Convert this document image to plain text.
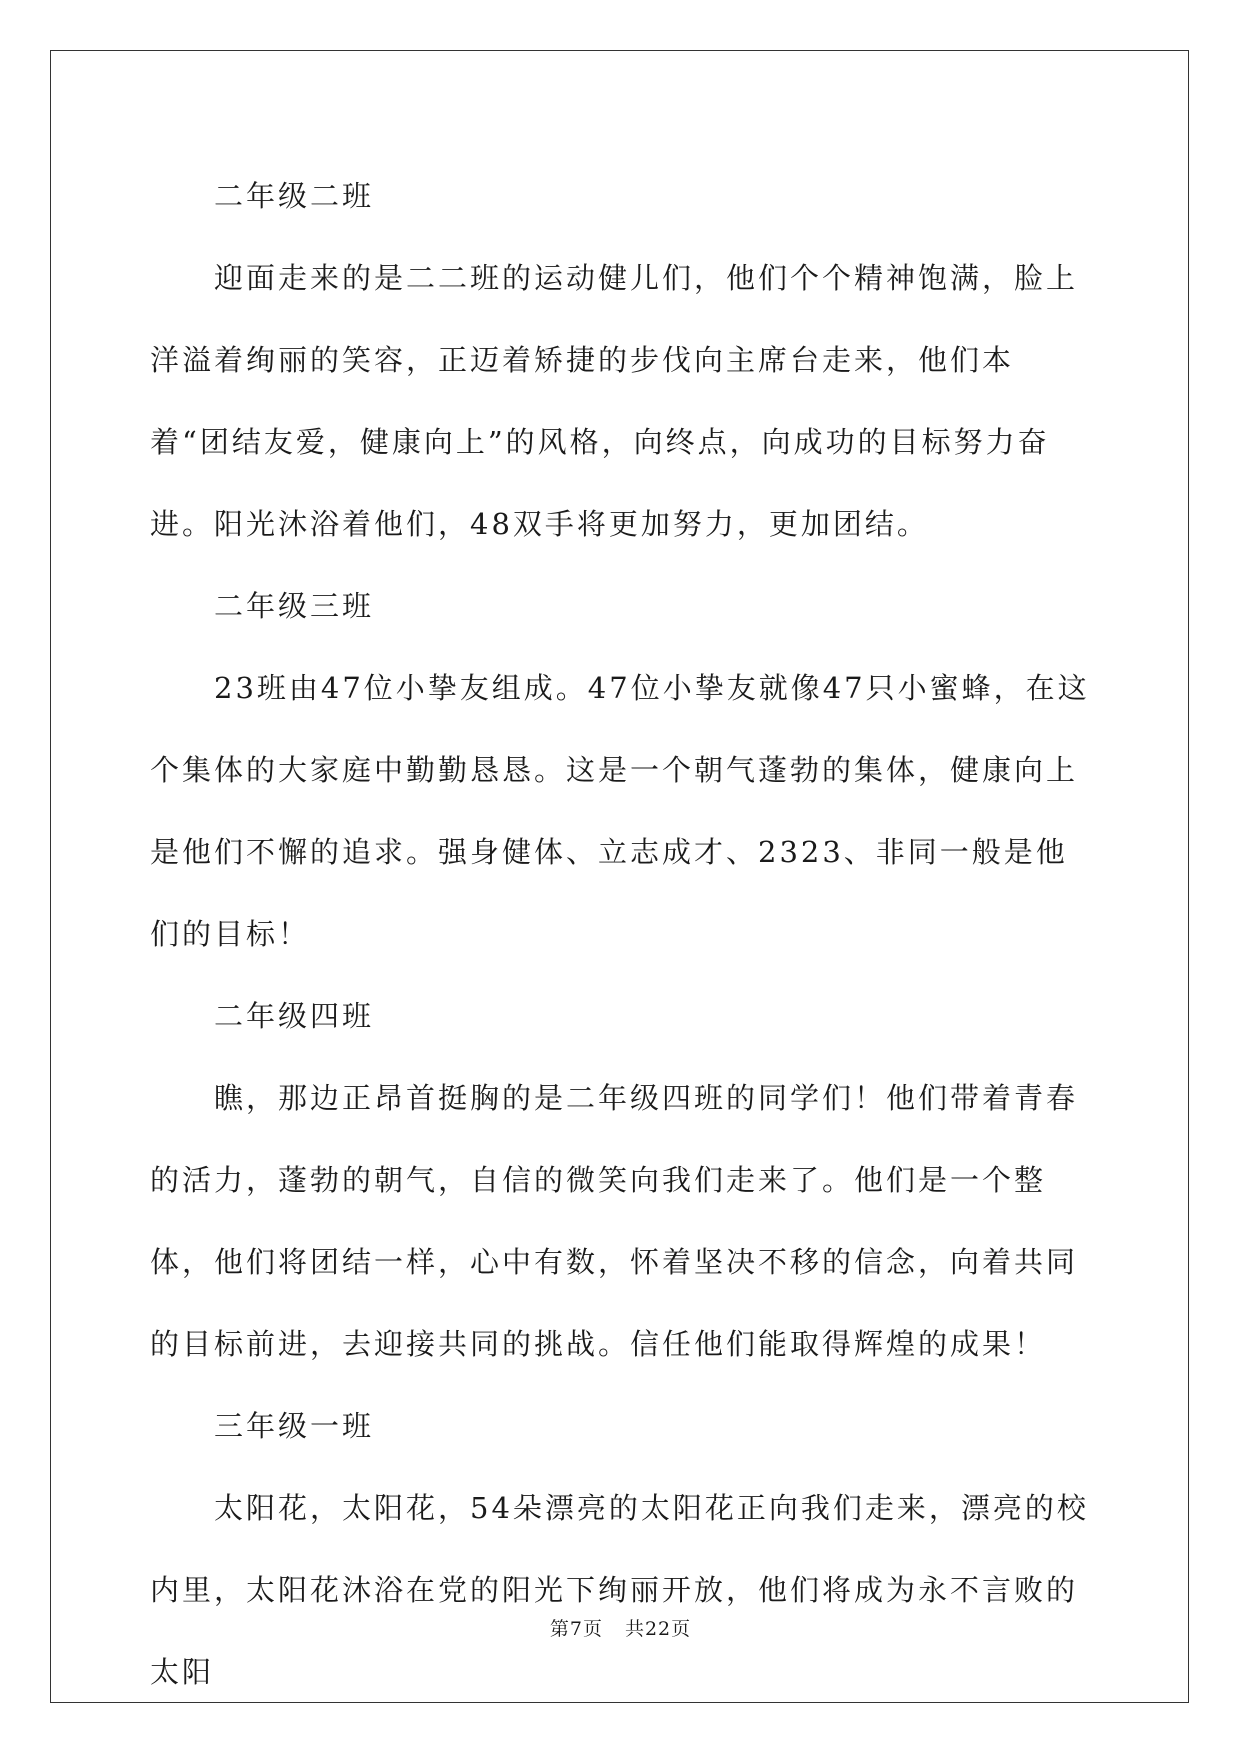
二年级二班

迎面走来的是二二班的运动健儿们，他们个个精神饱满，脸上洋溢着绚丽的笑容，正迈着矫捷的步伐向主席台走来，他们本着“团结友爱，健康向上”的风格，向终点，向成功的目标努力奋进。阳光沐浴着他们，48双手将更加努力，更加团结。

二年级三班

23班由47位小挚友组成。47位小挚友就像47只小蜜蜂，在这个集体的大家庭中勤勤恳恳。这是一个朝气蓬勃的集体，健康向上是他们不懈的追求。强身健体、立志成才、2323、非同一般是他们的目标！

二年级四班

瞧，那边正昂首挺胸的是二年级四班的同学们！他们带着青春的活力，蓬勃的朝气，自信的微笑向我们走来了。他们是一个整体，他们将团结一样，心中有数，怀着坚决不移的信念，向着共同的目标前进，去迎接共同的挑战。信任他们能取得辉煌的成果！

三年级一班

太阳花，太阳花，54朵漂亮的太阳花正向我们走来，漂亮的校内里，太阳花沐浴在党的阳光下绚丽开放，他们将成为永不言败的太阳

第7页 共22页
